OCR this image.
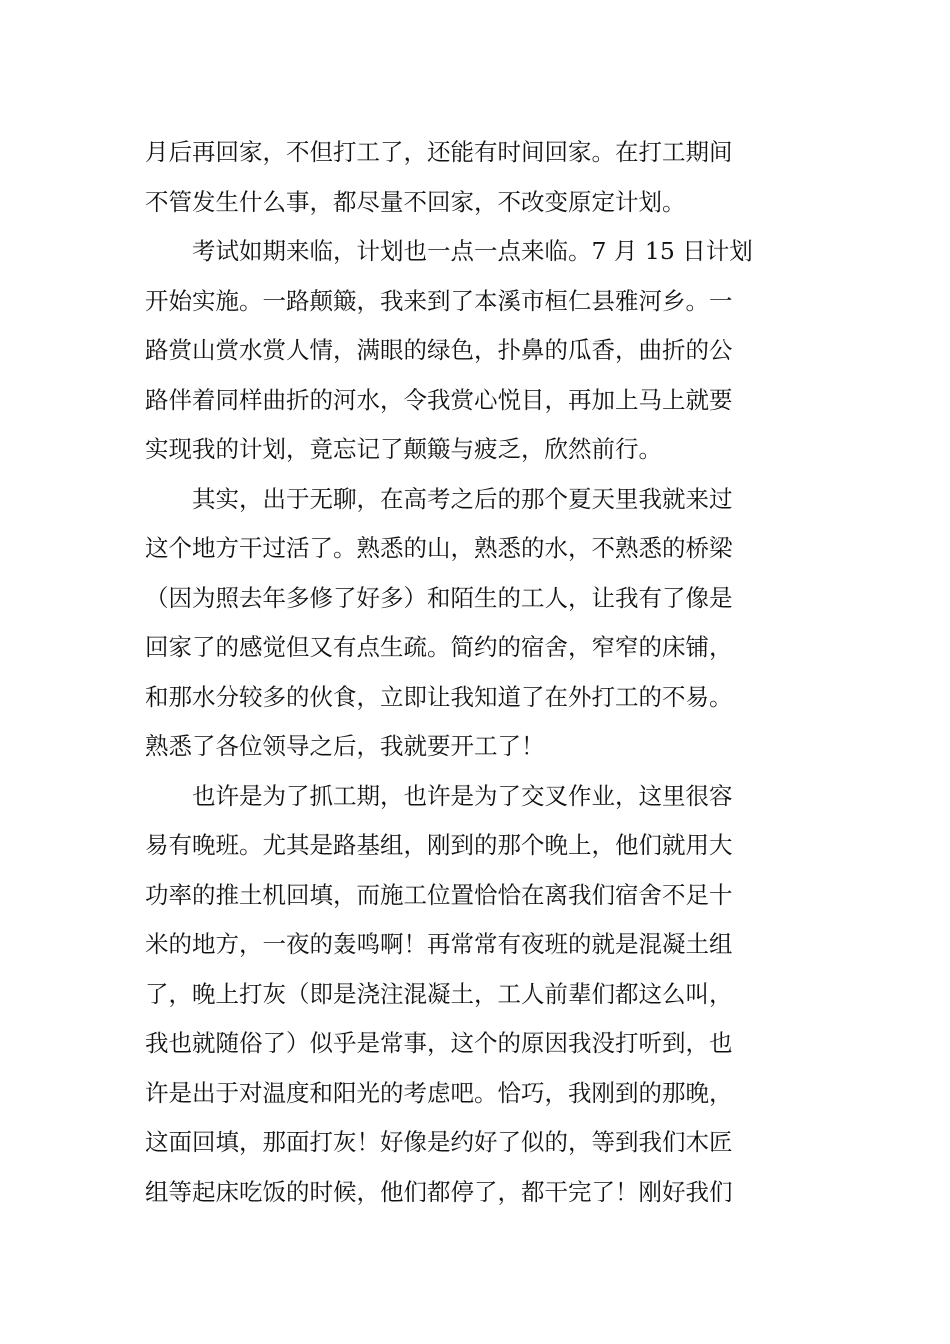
月后再回家，不但打工了，还能有时间回家。在打工期间
不管发生什么事，都尽量不回家，不改变原定计划。
考试如期来临，计划也一点一点来临。7 月 15 日计划
开始实施。一路颠簸，我来到了本溪市桓仁县雅河乡。一
路赏山赏水赏人情，满眼的绿色，扑鼻的瓜香，曲折的公
路伴着同样曲折的河水，令我赏心悦目，再加上马上就要
实现我的计划，竟忘记了颠簸与疲乏，欣然前行。
其实，出于无聊，在高考之后的那个夏天里我就来过
这个地方干过活了。熟悉的山，熟悉的水，不熟悉的桥梁
（因为照去年多修了好多）和陌生的工人，让我有了像是
回家了的感觉但又有点生疏。简约的宿舍，窄窄的床铺，
和那水分较多的伙食，立即让我知道了在外打工的不易。
熟悉了各位领导之后，我就要开工了！
也许是为了抓工期，也许是为了交叉作业，这里很容
易有晚班。尤其是路基组，刚到的那个晚上，他们就用大
功率的推土机回填，而施工位置恰恰在离我们宿舍不足十
米的地方，一夜的轰鸣啊！再常常有夜班的就是混凝土组
了，晚上打灰（即是浇注混凝土，工人前辈们都这么叫，
我也就随俗了）似乎是常事，这个的原因我没打听到，也
许是出于对温度和阳光的考虑吧。恰巧，我刚到的那晚，
这面回填，那面打灰！好像是约好了似的，等到我们木匠
组等起床吃饭的时候，他们都停了，都干完了！刚好我们
